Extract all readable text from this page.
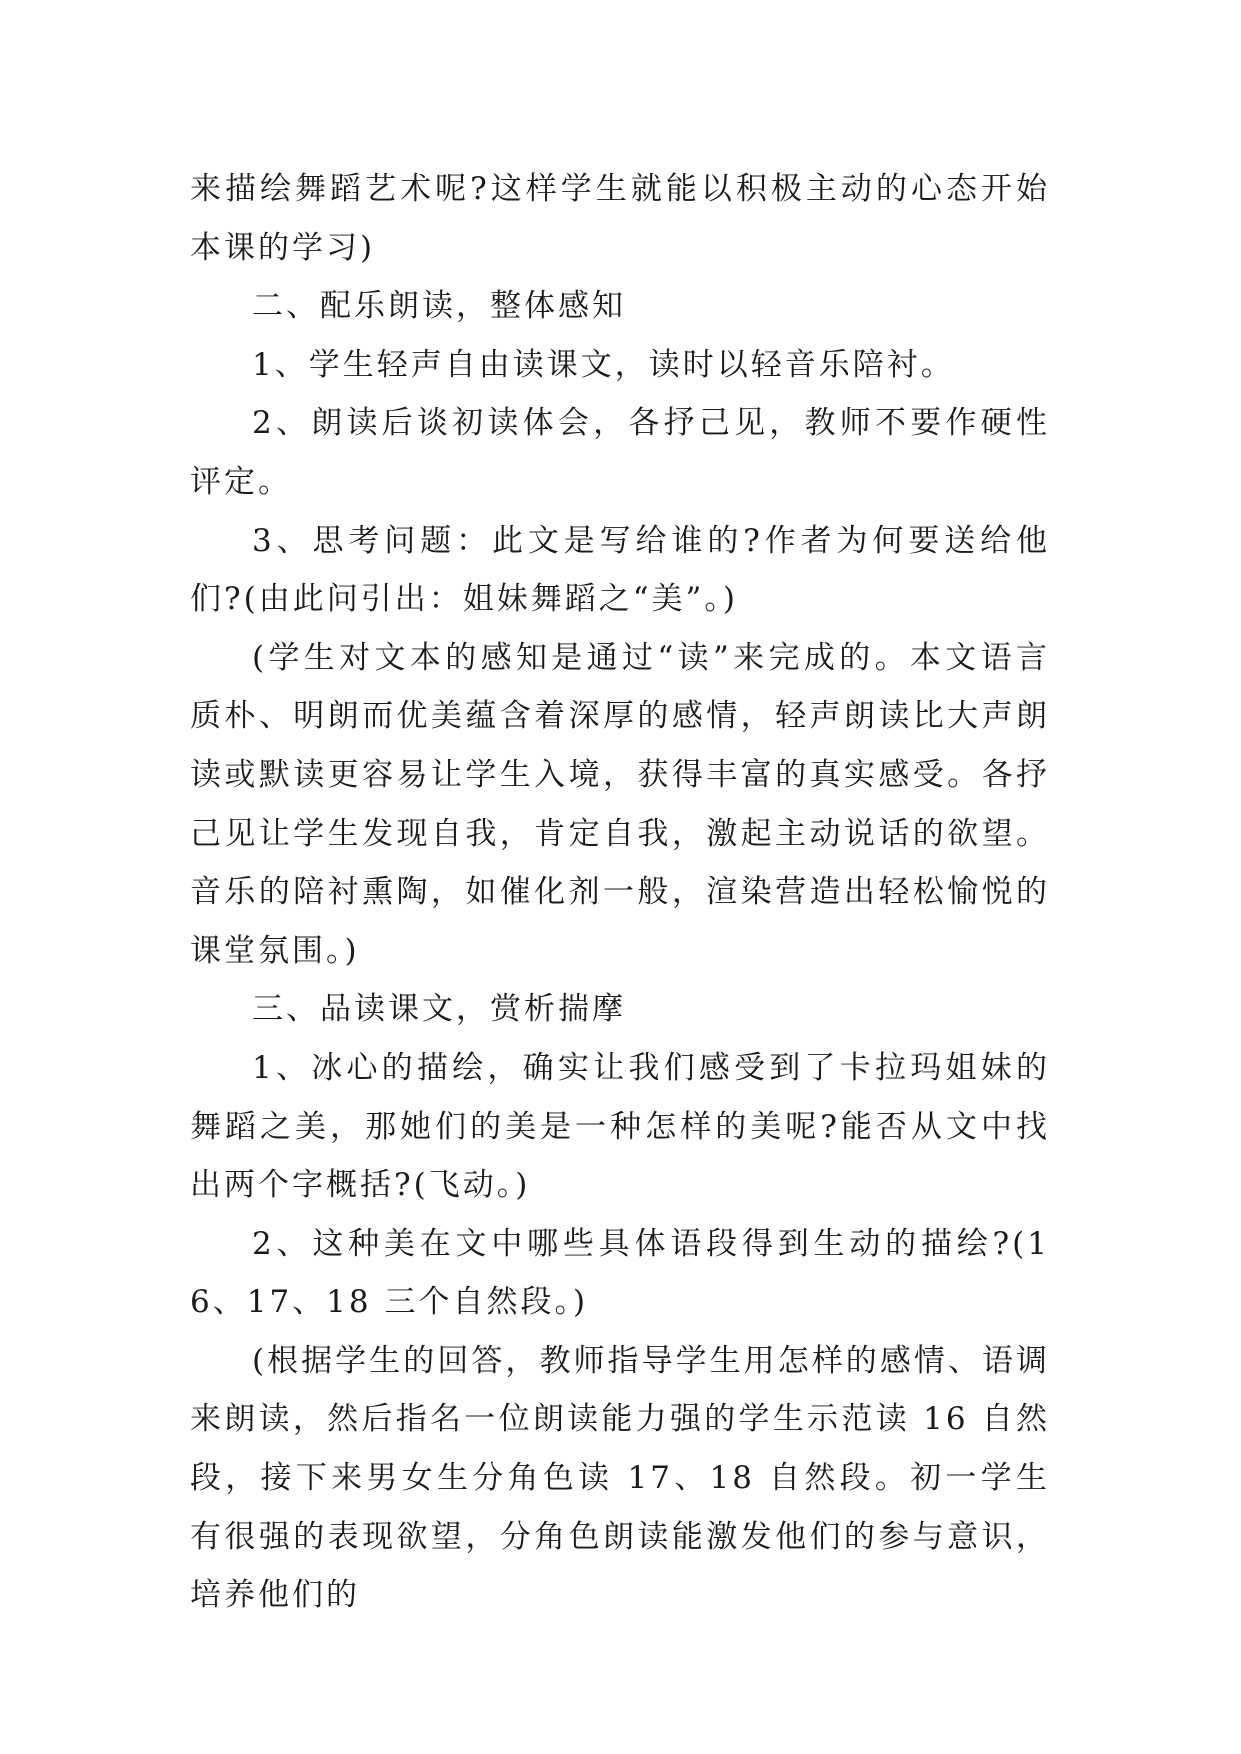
来描绘舞蹈艺术呢?这样学生就能以积极主动的心态开始本课的学习)

二、配乐朗读，整体感知

1、学生轻声自由读课文，读时以轻音乐陪衬。

2、朗读后谈初读体会，各抒己见，教师不要作硬性评定。

3、思考问题：此文是写给谁的?作者为何要送给他们?(由此问引出：姐妹舞蹈之“美”。)

(学生对文本的感知是通过“读”来完成的。本文语言质朴、明朗而优美蕴含着深厚的感情，轻声朗读比大声朗读或默读更容易让学生入境，获得丰富的真实感受。各抒己见让学生发现自我，肯定自我，激起主动说话的欲望。音乐的陪衬熏陶，如催化剂一般，渲染营造出轻松愉悦的课堂氛围。)

三、品读课文，赏析揣摩

1、冰心的描绘，确实让我们感受到了卡拉玛姐妹的舞蹈之美，那她们的美是一种怎样的美呢?能否从文中找出两个字概括?(飞动。)

2、这种美在文中哪些具体语段得到生动的描绘?(16、17、18 三个自然段。)

(根据学生的回答，教师指导学生用怎样的感情、语调来朗读，然后指名一位朗读能力强的学生示范读 16 自然段，接下来男女生分角色读 17、18 自然段。初一学生有很强的表现欲望，分角色朗读能激发他们的参与意识，培养他们的
